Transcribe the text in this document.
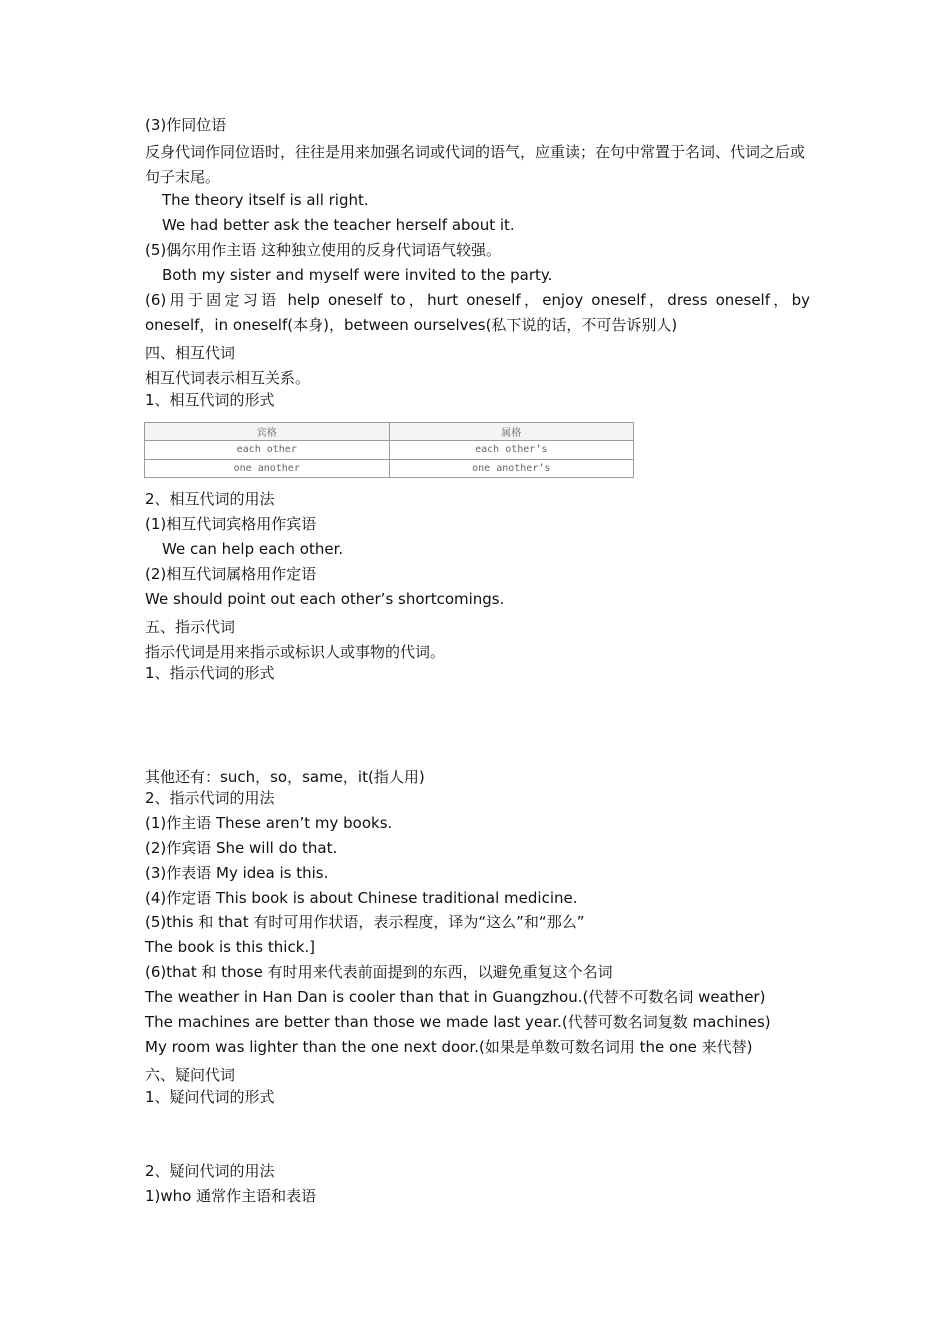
(3)作同位语
反身代词作同位语时，往往是用来加强名词或代词的语气，应重读；在句中常置于名词、代词之后或句子末尾。
The theory itself is all right.
We had better ask the teacher herself about it.
(5)偶尔用作主语 这种独立使用的反身代词语气较强。
Both my sister and myself were invited to the party.
(6)用于固定习语 help oneself to，hurt oneself，enjoy oneself，dress oneself，by
oneself，in oneself(本身)，between ourselves(私下说的话，不可告诉别人)
四、相互代词
相互代词表示相互关系。
1、相互代词的形式
宾格	属格
each other	each other’s
one another	one another’s
2、相互代词的用法
(1)相互代词宾格用作宾语
We can help each other.
(2)相互代词属格用作定语
We should point out each other’s shortcomings.
五、指示代词
指示代词是用来指示或标识人或事物的代词。
1、指示代词的形式
其他还有：such，so，same，it(指人用)
2、指示代词的用法
(1)作主语 These aren’t my books.
(2)作宾语 She will do that.
(3)作表语 My idea is this.
(4)作定语 This book is about Chinese traditional medicine.
(5)this 和 that 有时可用作状语，表示程度，译为“这么”和“那么”
The book is this thick.]
(6)that 和 those 有时用来代表前面提到的东西，以避免重复这个名词
The weather in Han Dan is cooler than that in Guangzhou.(代替不可数名词 weather)
The machines are better than those we made last year.(代替可数名词复数 machines)
My room was lighter than the one next door.(如果是单数可数名词用 the one 来代替)
六、疑问代词
1、疑问代词的形式
2、疑问代词的用法
1)who 通常作主语和表语
